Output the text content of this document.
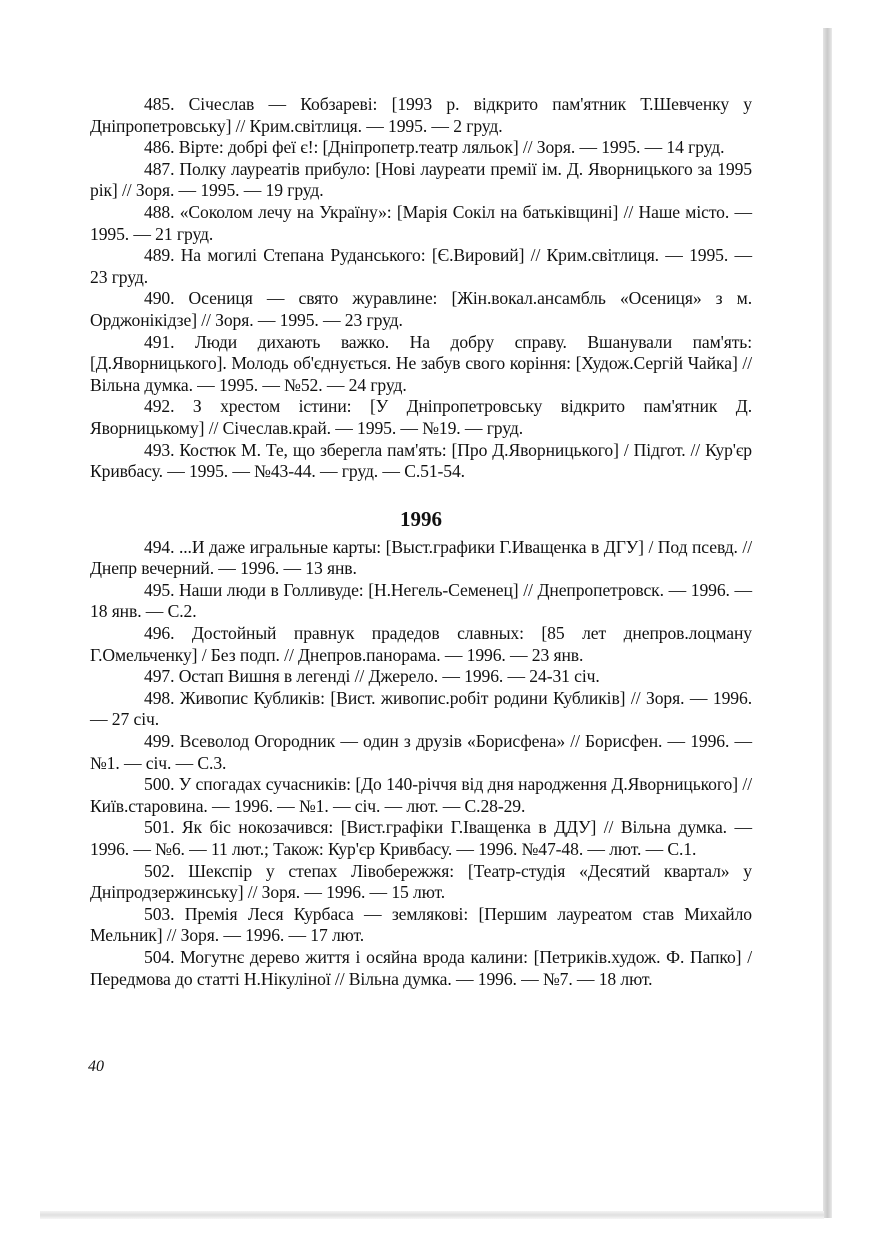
485. Січеслав — Кобзареві: [1993 р. відкрито пам'ятник Т.Шевченку у Дніпропетровську] // Крим.світлиця. — 1995. — 2 груд.

486. Вірте: добрі феї є!: [Дніпропетр.театр ляльок] // Зоря. — 1995. — 14 груд.

487. Полку лауреатів прибуло: [Нові лауреати премії ім. Д. Яворницького за 1995 рік] // Зоря. — 1995. — 19 груд.

488. «Соколом лечу на Україну»: [Марія Сокіл на батьківщині] // Наше місто. — 1995. — 21 груд.

489. На могилі Степана Руданського: [Є.Вировий] // Крим.світлиця. — 1995. — 23 груд.

490. Осениця — свято журавлине: [Жін.вокал.ансамбль «Осениця» з м. Орджонікідзе] // Зоря. — 1995. — 23 груд.

491. Люди дихають важко. На добру справу. Вшанували пам'ять: [Д.Яворницького]. Молодь об'єднується. Не забув свого коріння: [Худож.Сергій Чайка] // Вільна думка. — 1995. — №52. — 24 груд.

492. З хрестом істини: [У Дніпропетровську відкрито пам'ятник Д. Яворницькому] // Січеслав.край. — 1995. — №19. — груд.

493. Костюк М. Те, що зберегла пам'ять: [Про Д.Яворницького] / Підгот. // Кур'єр Кривбасу. — 1995. — №43-44. — груд. — С.51-54.

1996

494. ...И даже игральные карты: [Выст.графики Г.Иващенка в ДГУ] / Под псевд. // Днепр вечерний. — 1996. — 13 янв.

495. Наши люди в Голливуде: [Н.Негель-Семенец] // Днепропетровск. — 1996. — 18 янв. — С.2.

496. Достойный правнук прадедов славных: [85 лет днепров.лоцману Г.Омельченку] / Без подп. // Днепров.панорама. — 1996. — 23 янв.

497. Остап Вишня в легенді // Джерело. — 1996. — 24-31 січ.

498. Живопис Кубликів: [Вист. живопис.робіт родини Кубликів] // Зоря. — 1996. — 27 січ.

499. Всеволод Огородник — один з друзів «Борисфена» // Борисфен. — 1996. — №1. — січ. — С.3.

500. У спогадах сучасників: [До 140-річчя від дня народження Д.Яворницького] // Київ.старовина. — 1996. — №1. — січ. — лют. — С.28-29.

501. Як біс нокозачився: [Вист.графіки Г.Іващенка в ДДУ] // Вільна думка. — 1996. — №6. — 11 лют.; Також: Кур'єр Кривбасу. — 1996. №47-48. — лют. — С.1.

502. Шекспір у степах Лівобережжя: [Театр-студія «Десятий квартал» у Дніпродзержинську] // Зоря. — 1996. — 15 лют.

503. Премія Леся Курбаса — землякові: [Першим лауреатом став Михайло Мельник] // Зоря. — 1996. — 17 лют.

504. Могутнє дерево життя і осяйна врода калини: [Петриків.худож. Ф. Папко] / Передмова до статті Н.Нікуліної // Вільна думка. — 1996. — №7. — 18 лют.

40
